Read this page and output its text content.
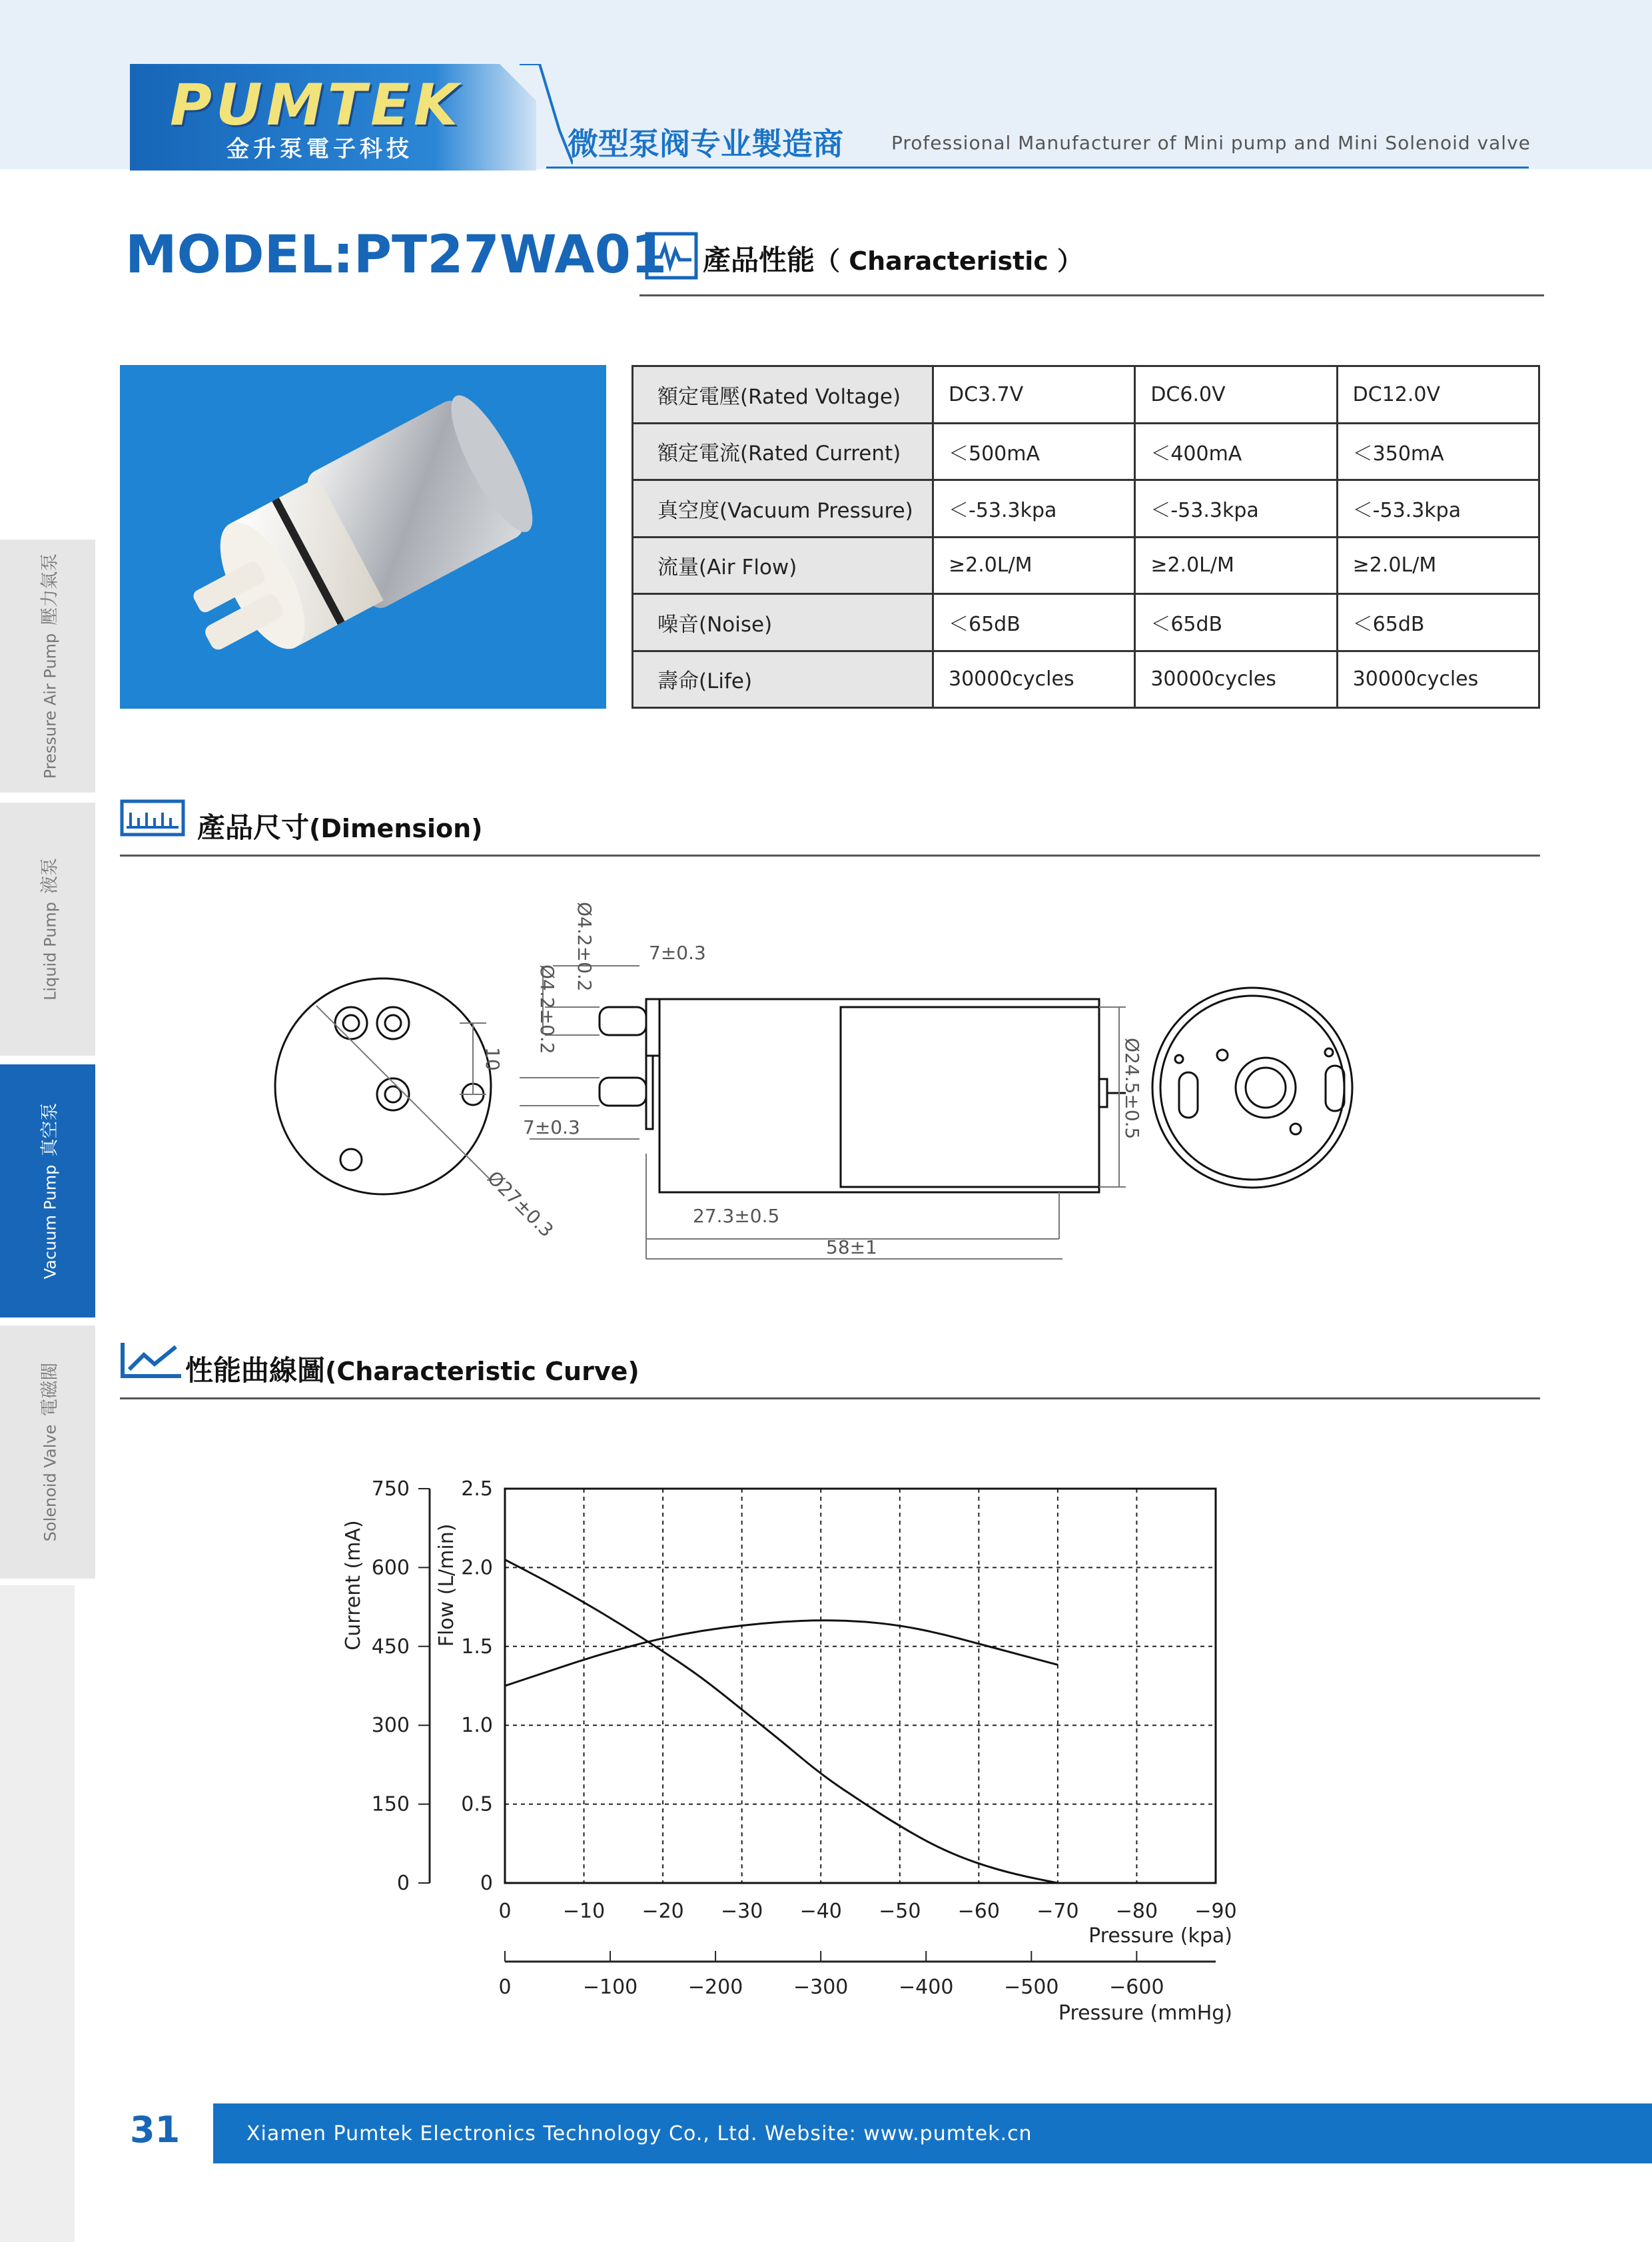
PUMTEK
金升泵電子科技	微型泵阀专业製造商	Professional Manufacturer of Mini pump and Mini Solenoid valve
MODEL:PT27WA01 產品性能（ Characteristic ）
額定電壓(Rated Voltage)	DC3.7V	DC6.0V	DC12.0V
額定電流(Rated Current)	＜500mA	＜400mA	＜350mA
真空度(Vacuum Pressure)	＜-53.3kpa	＜-53.3kpa	＜-53.3kpa
流量(Air Flow)	≥2.0L/M	≥2.0L/M	≥2.0L/M
噪音(Noise)	＜65dB	＜65dB	＜65dB
壽命(Life)	30000cycles	30000cycles	30000cycles
產品尺寸(Dimension)
7±0.3
7±0.3
Ø4.2±0.2
Ø4.2±0.2
10
Ø27±0.3
Ø24.5±0.5
27.3±0.5
58±1
性能曲線圖(Characteristic Curve)
0	−10 −20 −30 −40 −50 −60 −70 −80 −90
2.5
750
2.0
600
1.5
450
1.0
300
0.5
150
0
0
0	−100	−200	−300	−400	−500	−600
Current (mA)	Flow (L/min)
Pressure (kpa)
Pressure (mmHg)
Pressure Air Pump壓力氣泵
Liquid Pump液泵
Vacuum Pump真空泵
Solenoid Valve電磁閥
31	Xiamen Pumtek Electronics Technology Co., Ltd. Website: www.pumtek.cn
